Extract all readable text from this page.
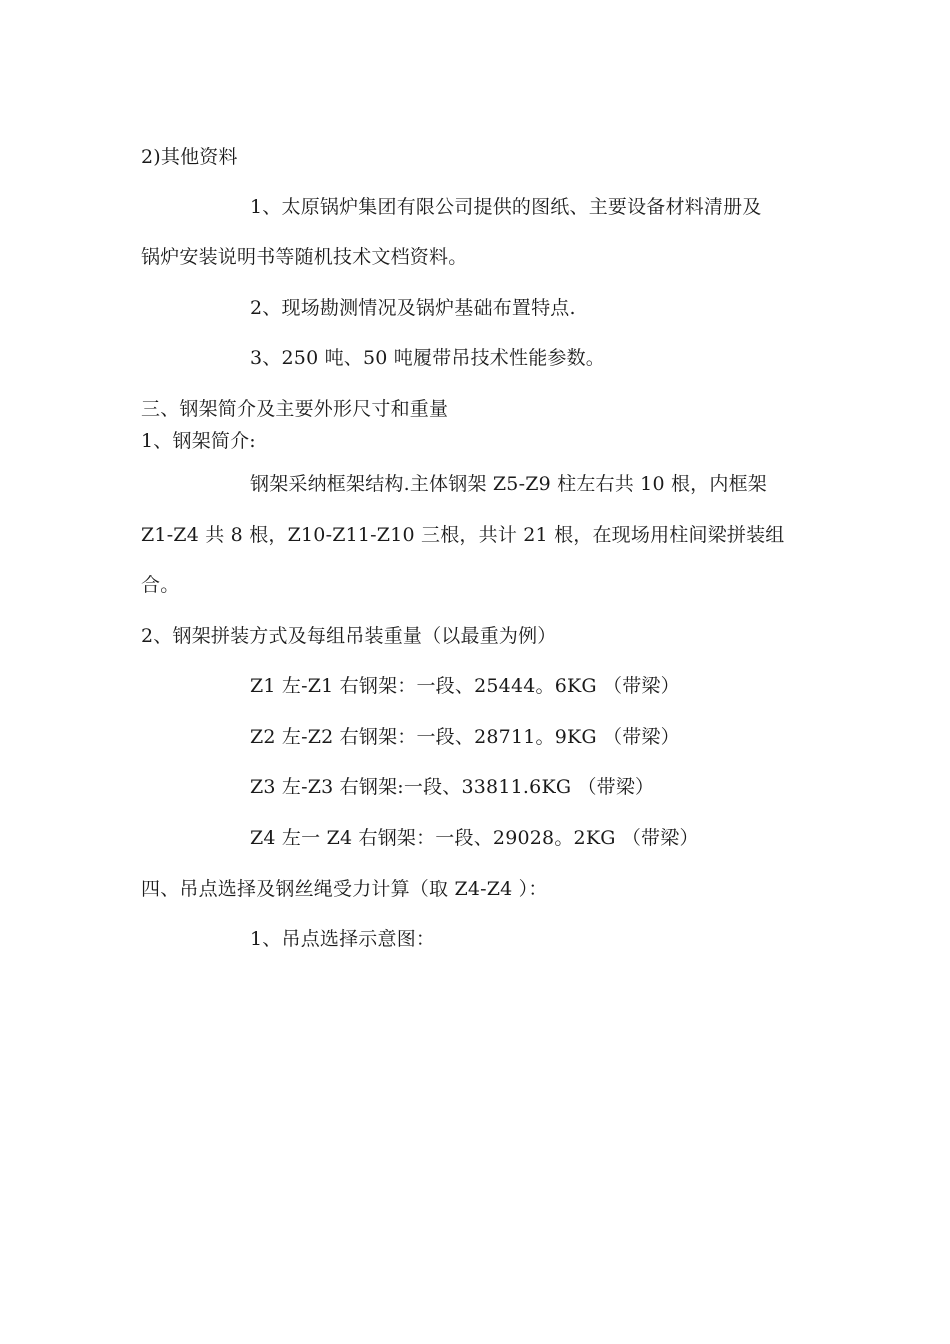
2)其他资料

1、太原锅炉集团有限公司提供的图纸、主要设备材料清册及

锅炉安装说明书等随机技术文档资料。

2、现场勘测情况及锅炉基础布置特点.

3、250 吨、50 吨履带吊技术性能参数。

三、钢架简介及主要外形尺寸和重量

1、钢架简介:

钢架采纳框架结构.主体钢架 Z5-Z9 柱左右共 10 根，内框架

Z1-Z4 共 8 根，Z10-Z11-Z10 三根，共计 21 根，在现场用柱间梁拼装组

合。

2、钢架拼装方式及每组吊装重量（以最重为例）

Z1 左-Z1 右钢架：一段、25444。6KG （带梁）

Z2 左-Z2 右钢架：一段、28711。9KG （带梁）

Z3 左-Z3 右钢架:一段、33811.6KG （带梁）

Z4 左一 Z4 右钢架：一段、29028。2KG （带梁）

四、吊点选择及钢丝绳受力计算（取 Z4-Z4 ）：

1、吊点选择示意图：
